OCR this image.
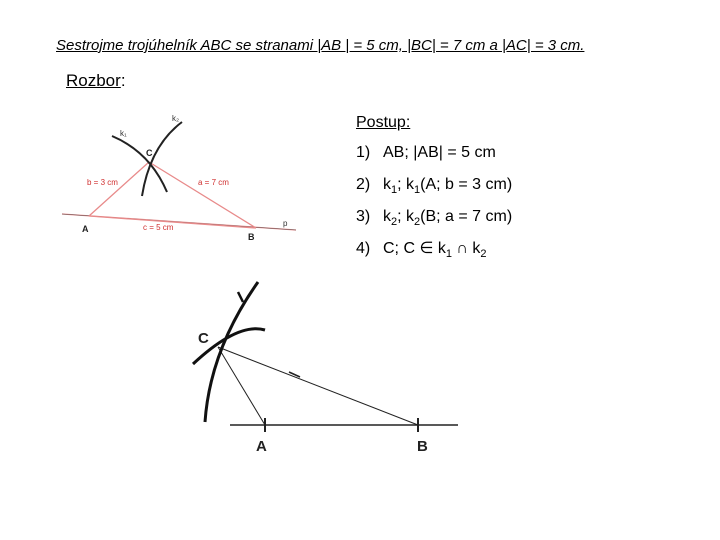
Sestrojme trojúhelník ABC se stranami |AB | = 5 cm, |BC| = 7 cm a |AC| = 3 cm.
Rozbor:
k₁
k₂
C
A
B
p
b = 3 cm	a = 7 cm
c = 5 cm
Postup:
1) AB; |AB| = 5 cm
2) $k_1$; $k_1(A$; b = 3 cm)
3) $k_2$; $k_2(B$; a = 7 cm)
4) C; C ∈ $k_1$ ∩ $k_2$
C
A	B
